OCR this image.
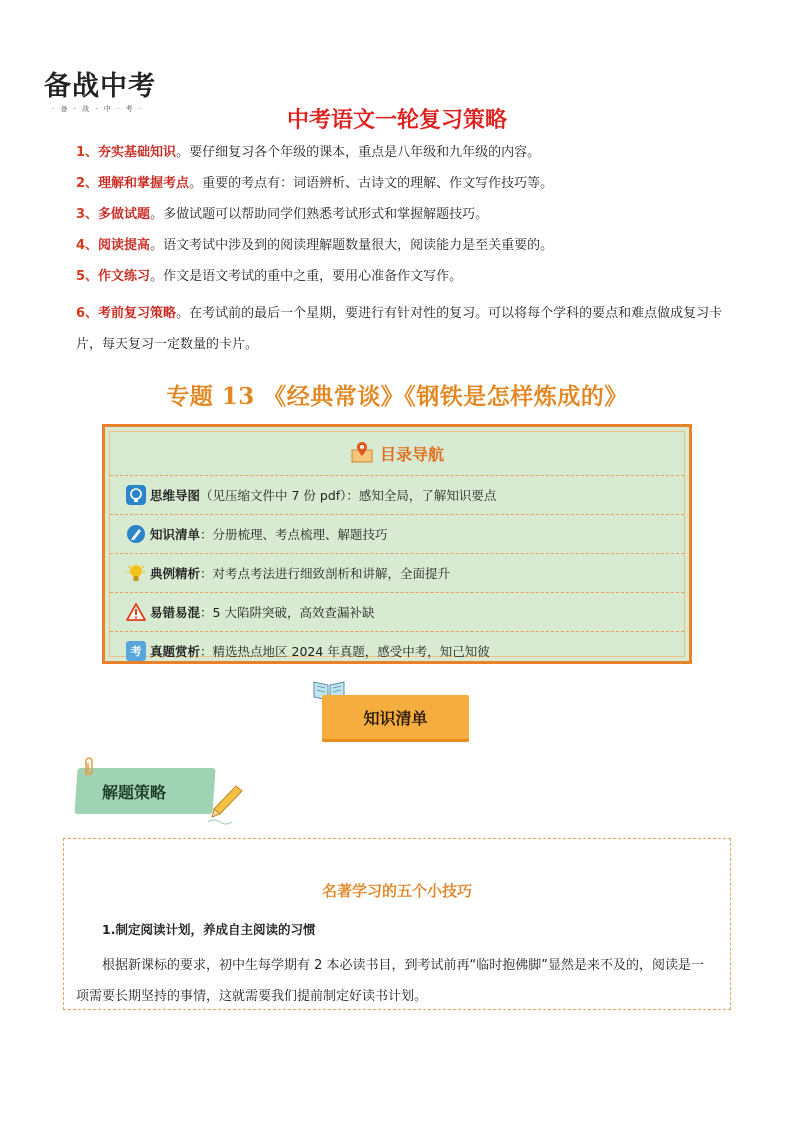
备战中考
· 备 · 战 · 中 · 考 ·	中考语文一轮复习策略
1、夯实基础知识。要仔细复习各个年级的课本，重点是八年级和九年级的内容。
2、理解和掌握考点。重要的考点有：词语辨析、古诗文的理解、作文写作技巧等。
3、多做试题。多做试题可以帮助同学们熟悉考试形式和掌握解题技巧。
4、阅读提高。语文考试中涉及到的阅读理解题数量很大，阅读能力是至关重要的。
5、作文练习。作文是语文考试的重中之重，要用心准备作文写作。
6、考前复习策略。在考试前的最后一个星期，要进行有针对性的复习。可以将每个学科的要点和难点做成复习卡片，每天复习一定数量的卡片。
专题 13 《经典常谈》《钢铁是怎样炼成的》
目录导航
思维导图 （见压缩文件中 7 份 pdf）：感知全局，了解知识要点
知识清单 ：分册梳理、考点梳理、解题技巧
典例精析 ：对考点考法进行细致剖析和讲解，全面提升
易错易混 ：5 大陷阱突破，高效查漏补缺
考 真题赏析 ：精选热点地区 2024 年真题，感受中考，知己知彼
知识清单
解题策略
名著学习的五个小技巧
1.制定阅读计划，养成自主阅读的习惯
根据新课标的要求，初中生每学期有 2 本必读书目，到考试前再“临时抱佛脚”显然是来不及的，阅读是一项需要长期坚持的事情，这就需要我们提前制定好读书计划。
